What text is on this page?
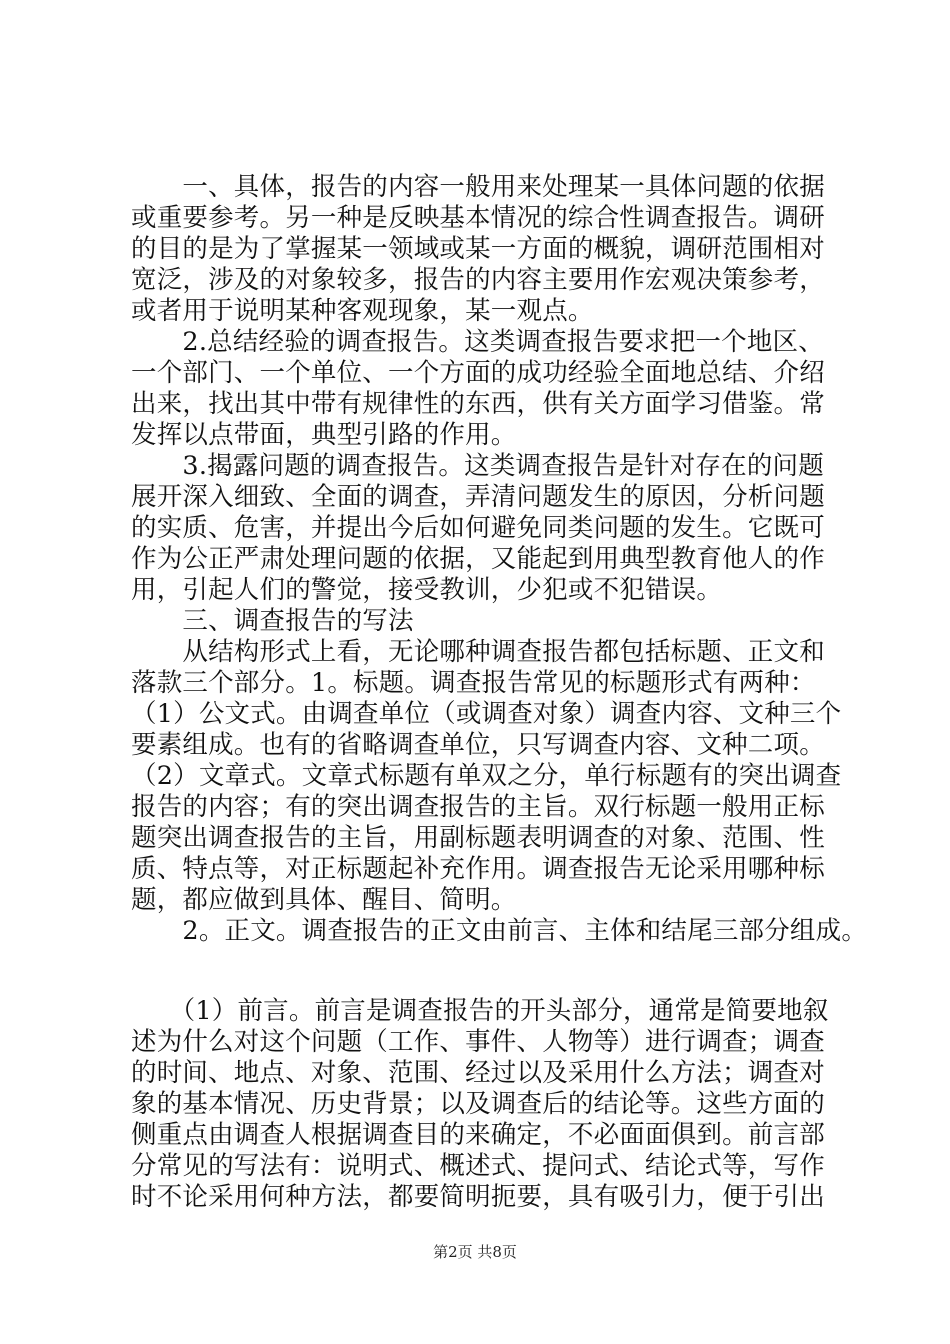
　　一、具体，报告的内容一般用来处理某一具体问题的依据
或重要参考。另一种是反映基本情况的综合性调查报告。调研
的目的是为了掌握某一领域或某一方面的概貌，调研范围相对
宽泛，涉及的对象较多，报告的内容主要用作宏观决策参考，
或者用于说明某种客观现象，某一观点。
　　2.总结经验的调查报告。这类调查报告要求把一个地区、
一个部门、一个单位、一个方面的成功经验全面地总结、介绍
出来，找出其中带有规律性的东西，供有关方面学习借鉴。常
发挥以点带面，典型引路的作用。
　　3.揭露问题的调查报告。这类调查报告是针对存在的问题
展开深入细致、全面的调查，弄清问题发生的原因，分析问题
的实质、危害，并提出今后如何避免同类问题的发生。它既可
作为公正严肃处理问题的依据，又能起到用典型教育他人的作
用，引起人们的警觉，接受教训，少犯或不犯错误。
　　三、调查报告的写法
　　从结构形式上看，无论哪种调查报告都包括标题、正文和
落款三个部分。1。标题。调查报告常见的标题形式有两种：
（1）公文式。由调查单位（或调查对象）调查内容、文种三个
要素组成。也有的省略调查单位，只写调查内容、文种二项。
（2）文章式。文章式标题有单双之分，单行标题有的突出调查
报告的内容；有的突出调查报告的主旨。双行标题一般用正标
题突出调查报告的主旨，用副标题表明调查的对象、范围、性
质、特点等，对正标题起补充作用。调查报告无论采用哪种标
题，都应做到具体、醒目、简明。
　　2。正文。调查报告的正文由前言、主体和结尾三部分组成。
　　（1）前言。前言是调查报告的开头部分，通常是简要地叙
述为什么对这个问题（工作、事件、人物等）进行调查；调查
的时间、地点、对象、范围、经过以及采用什么方法；调查对
象的基本情况、历史背景；以及调查后的结论等。这些方面的
侧重点由调查人根据调查目的来确定，不必面面俱到。前言部
分常见的写法有：说明式、概述式、提问式、结论式等，写作
时不论采用何种方法，都要简明扼要，具有吸引力，便于引出
第2页 共8页
